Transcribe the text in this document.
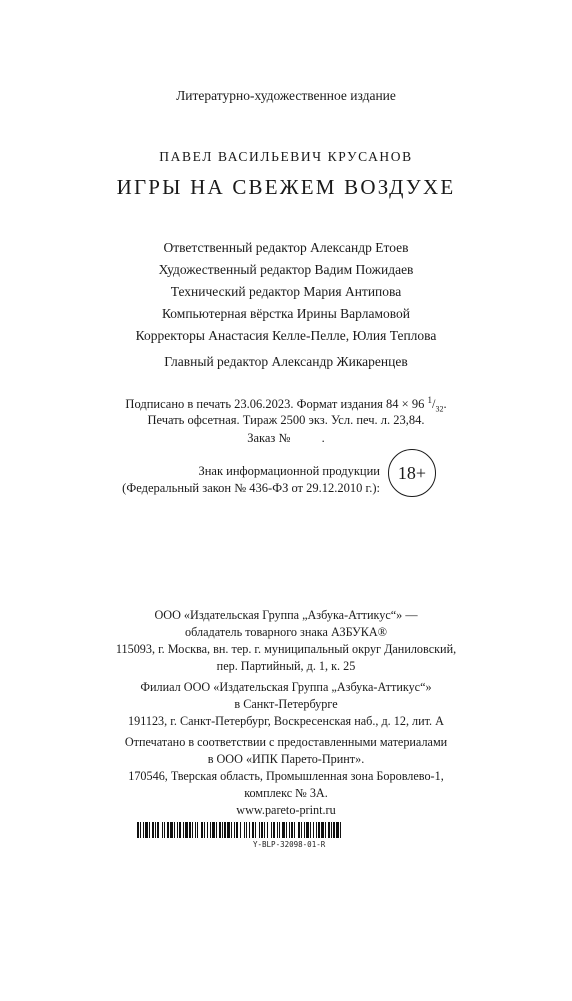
Литературно-художественное издание
ПАВЕЛ ВАСИЛЬЕВИЧ КРУСАНОВ
ИГРЫ НА СВЕЖЕМ ВОЗДУХЕ
Ответственный редактор Александр Етоев
Художественный редактор Вадим Пожидаев
Технический редактор Мария Антипова
Компьютерная вёрстка Ирины Варламовой
Корректоры Анастасия Келле-Пелле, Юлия Теплова
Главный редактор Александр Жикаренцев
Подписано в печать 23.06.2023. Формат издания 84 × 96 $^1/_{32}$.
Печать офсетная. Тираж 2500 экз. Усл. печ. л. 23,84.
Заказ №          .
Знак информационной продукции
(Федеральный закон № 436-ФЗ от 29.12.2010 г.):
18+
ООО «Издательская Группа „Азбука-Аттикус“» —
обладатель товарного знака АЗБУКА®
115093, г. Москва, вн. тер. г. муниципальный округ Даниловский,
пер. Партийный, д. 1, к. 25
Филиал ООО «Издательская Группа „Азбука-Аттикус“»
в Санкт-Петербурге
191123, г. Санкт-Петербург, Воскресенская наб., д. 12, лит. А
Отпечатано в соответствии с предоставленными материалами
в ООО «ИПК Парето-Принт».
170546, Тверская область, Промышленная зона Боровлево-1,
комплекс № 3А.
www.pareto-print.ru
Y-BLP-32098-01-R
